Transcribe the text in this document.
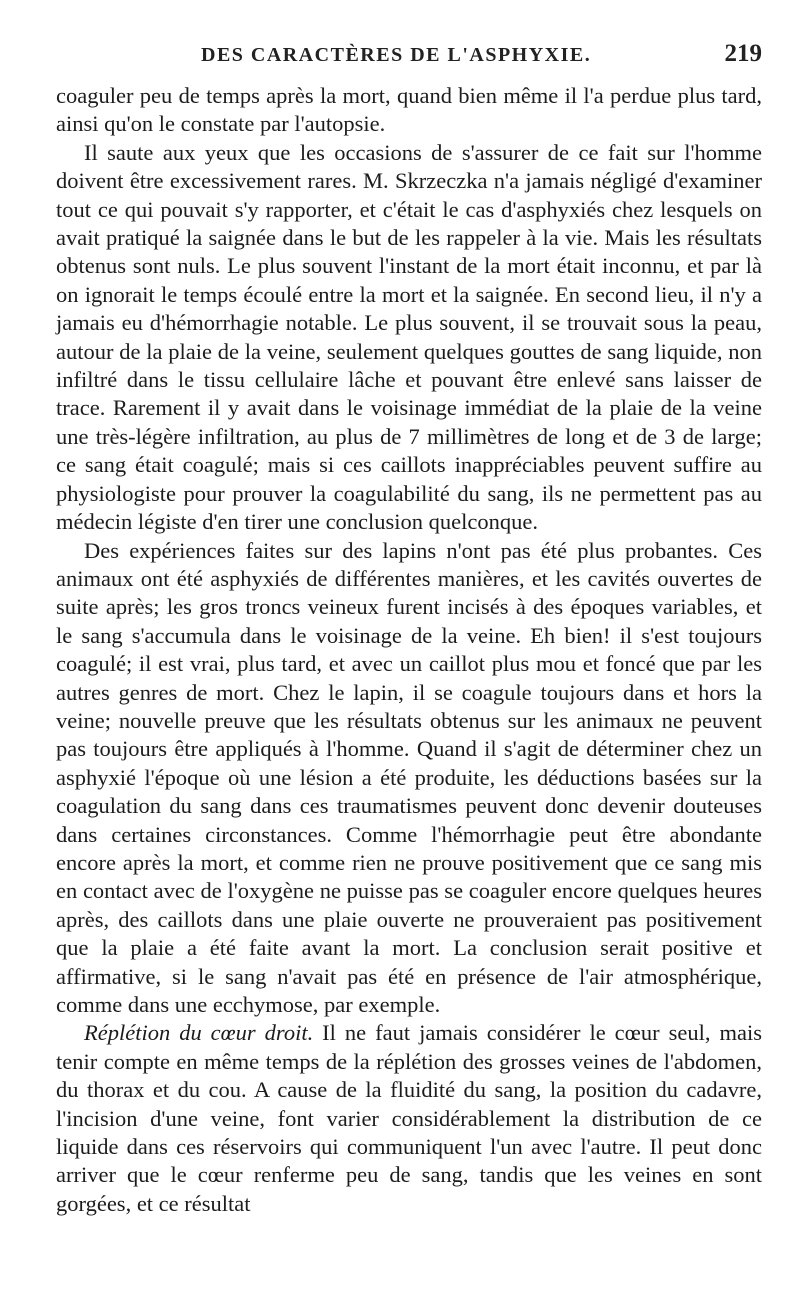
DES CARACTÈRES DE L'ASPHYXIE.	219

coaguler peu de temps après la mort, quand bien même il l'a perdue plus tard, ainsi qu'on le constate par l'autopsie.

Il saute aux yeux que les occasions de s'assurer de ce fait sur l'homme doivent être excessivement rares. M. Skrzeczka n'a jamais négligé d'examiner tout ce qui pouvait s'y rapporter, et c'était le cas d'asphyxiés chez lesquels on avait pratiqué la saignée dans le but de les rappeler à la vie. Mais les résultats obtenus sont nuls. Le plus souvent l'instant de la mort était inconnu, et par là on ignorait le temps écoulé entre la mort et la saignée. En second lieu, il n'y a jamais eu d'hémorrhagie notable. Le plus souvent, il se trouvait sous la peau, autour de la plaie de la veine, seulement quelques gouttes de sang liquide, non infiltré dans le tissu cellulaire lâche et pouvant être enlevé sans laisser de trace. Rarement il y avait dans le voisinage immédiat de la plaie de la veine une très-légère infiltration, au plus de 7 millimètres de long et de 3 de large; ce sang était coagulé; mais si ces caillots inappréciables peuvent suffire au physiologiste pour prouver la coagulabilité du sang, ils ne permettent pas au médecin légiste d'en tirer une conclusion quelconque.

Des expériences faites sur des lapins n'ont pas été plus probantes. Ces animaux ont été asphyxiés de différentes manières, et les cavités ouvertes de suite après; les gros troncs veineux furent incisés à des époques variables, et le sang s'accumula dans le voisinage de la veine. Eh bien! il s'est toujours coagulé; il est vrai, plus tard, et avec un caillot plus mou et foncé que par les autres genres de mort. Chez le lapin, il se coagule toujours dans et hors la veine; nouvelle preuve que les résultats obtenus sur les animaux ne peuvent pas toujours être appliqués à l'homme. Quand il s'agit de déterminer chez un asphyxié l'époque où une lésion a été produite, les déductions basées sur la coagulation du sang dans ces traumatismes peuvent donc devenir douteuses dans certaines circonstances. Comme l'hémorrhagie peut être abondante encore après la mort, et comme rien ne prouve positivement que ce sang mis en contact avec de l'oxygène ne puisse pas se coaguler encore quelques heures après, des caillots dans une plaie ouverte ne prouveraient pas positivement que la plaie a été faite avant la mort. La conclusion serait positive et affirmative, si le sang n'avait pas été en présence de l'air atmosphérique, comme dans une ecchymose, par exemple.

Réplétion du cœur droit. Il ne faut jamais considérer le cœur seul, mais tenir compte en même temps de la réplétion des grosses veines de l'abdomen, du thorax et du cou. A cause de la fluidité du sang, la position du cadavre, l'incision d'une veine, font varier considérablement la distribution de ce liquide dans ces réservoirs qui communiquent l'un avec l'autre. Il peut donc arriver que le cœur renferme peu de sang, tandis que les veines en sont gorgées, et ce résultat
